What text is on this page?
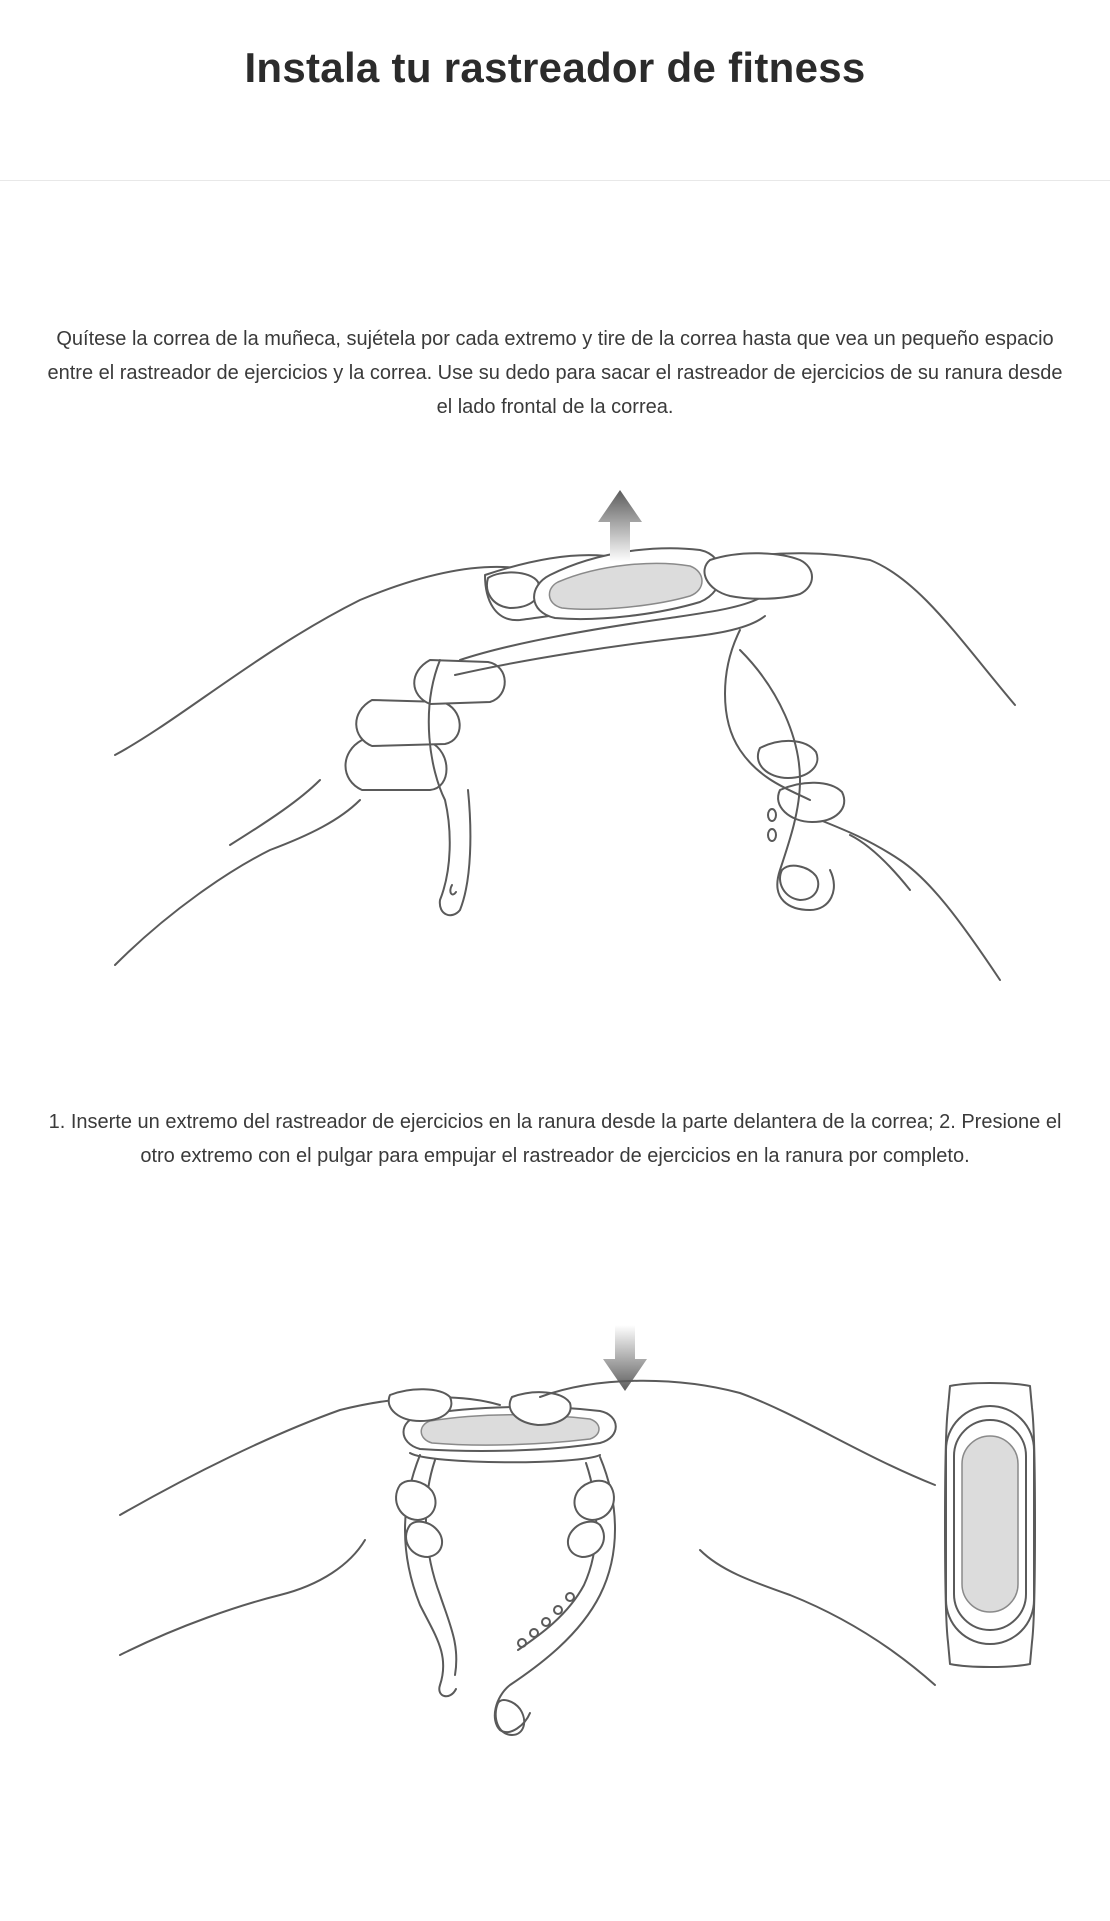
Instala tu rastreador de fitness

Quítese la correa de la muñeca, sujétela por cada extremo y tire de la correa hasta que vea un pequeño espacio entre el rastreador de ejercicios y la correa. Use su dedo para sacar el rastreador de ejercicios de su ranura desde el lado frontal de la correa.

1. Inserte un extremo del rastreador de ejercicios en la ranura desde la parte delantera de la correa; 2. Presione el otro extremo con el pulgar para empujar el rastreador de ejercicios en la ranura por completo.
